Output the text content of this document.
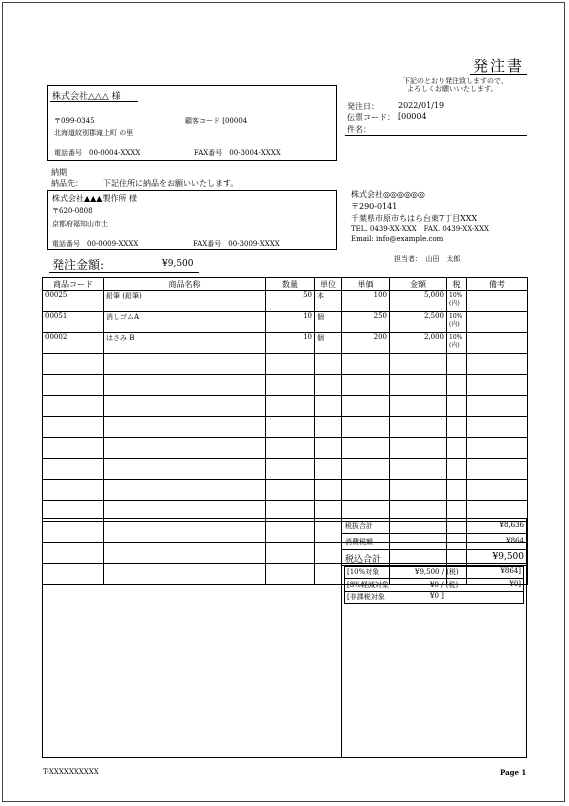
発注書
下記のとおり発注致しますので、
よろしくお願いいたします。
株式会社△△△ 様
〒099-0345	顧客コード [00004
北海道紋別郡滝上町 の里
電話番号　00-0004-XXXX	FAX番号　00-3004-XXXX
発注日： 2022/01/19
伝票コード： [00004
件名：
納期
納品先：	下記住所に納品をお願いいたします。
株式会社▲▲▲製作所 様
〒620-0808
京都府福知山市土
電話番号　00-0009-XXXX	FAX番号　00-3009-XXXX
株式会社◎◎◎◎◎◎
〒290-0141
千葉県市原市ちはら台東7丁目XXX
TEL. 0439-XX-XXX　FAX. 0439-XX-XXX
Email: info@example.com
担当者：　山田　太郎
発注金額:	¥9,500
商品コード	商品名称	数量	単位	単価	金額	税	備考
00025	鉛筆 (鉛筆)	50	本	100	5,000	10%
(内)	
00051	消しゴムA	10	個	250	2,500	10%
(内)	
00002	はさみ B	10	個	200	2,000	10%
(内)	

税抜合計	¥8,636
消費税額	¥864
税込合計	¥9,500
[10%対象	¥9,500 / (税)	¥864]
[8%軽減対象	¥0 / (税)	¥0]
[非課税対象	¥0 ]
T-XXXXXXXXXX	Page 1
